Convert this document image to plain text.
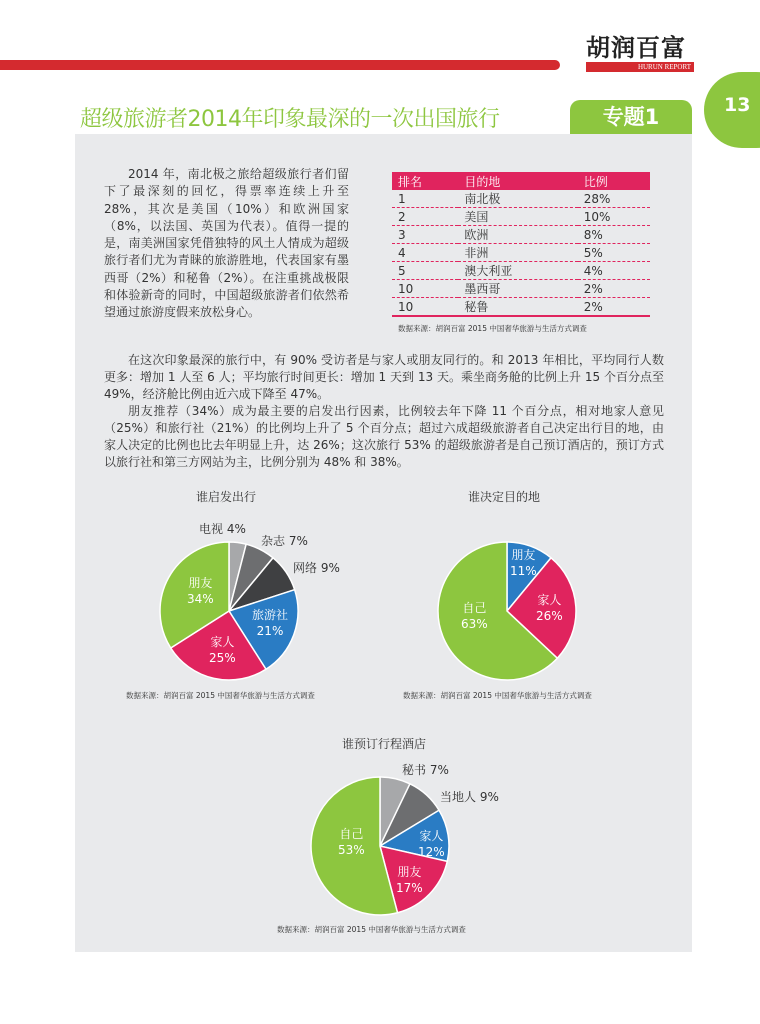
胡润百富
HURUN REPORT
13
超级旅游者2014年印象最深的一次出国旅行	专题1
2014 年，南北极之旅给超级旅行者们留下了最深刻的回忆，得票率连续上升至 28%，其次是美国（10%）和欧洲国家（8%，以法国、英国为代表）。值得一提的是，南美洲国家凭借独特的风土人情成为超级旅行者们尤为青睐的旅游胜地，代表国家有墨西哥（2%）和秘鲁（2%）。在注重挑战极限和体验新奇的同时，中国超级旅游者们依然希望通过旅游度假来放松身心。
排名	目的地	比例
1	南北极	28%
2	美国	10%
3	欧洲	8%
4	非洲	5%
5	澳大利亚	4%
10	墨西哥	2%
10	秘鲁	2%
数据来源：胡润百富 2015 中国奢华旅游与生活方式调查

在这次印象最深的旅行中，有 90% 受访者是与家人或朋友同行的。和 2013 年相比，平均同行人数更多：增加 1 人至 6 人；平均旅行时间更长：增加 1 天到 13 天。乘坐商务舱的比例上升 15 个百分点至 49%，经济舱比例由近六成下降至 47%。

朋友推荐（34%）成为最主要的启发出行因素，比例较去年下降 11 个百分点，相对地家人意见（25%）和旅行社（21%）的比例均上升了 5 个百分点；超过六成超级旅游者自己决定出行目的地，由家人决定的比例也比去年明显上升，达 26%；这次旅行 53% 的超级旅游者是自己预订酒店的，预订方式以旅行社和第三方网站为主，比例分别为 48% 和 38%。

谁启发出行
电视 4%
杂志 7%
网络 9%
旅游社
21%
家人
25%
朋友
34%
数据来源：胡润百富 2015 中国奢华旅游与生活方式调查
谁决定目的地
朋友
11%
家人
26%
自己
63%
数据来源：胡润百富 2015 中国奢华旅游与生活方式调查
谁预订行程酒店
秘书 7%
当地人 9%
家人
12%
朋友
17%
自己
53%
数据来源：胡润百富 2015 中国奢华旅游与生活方式调查
